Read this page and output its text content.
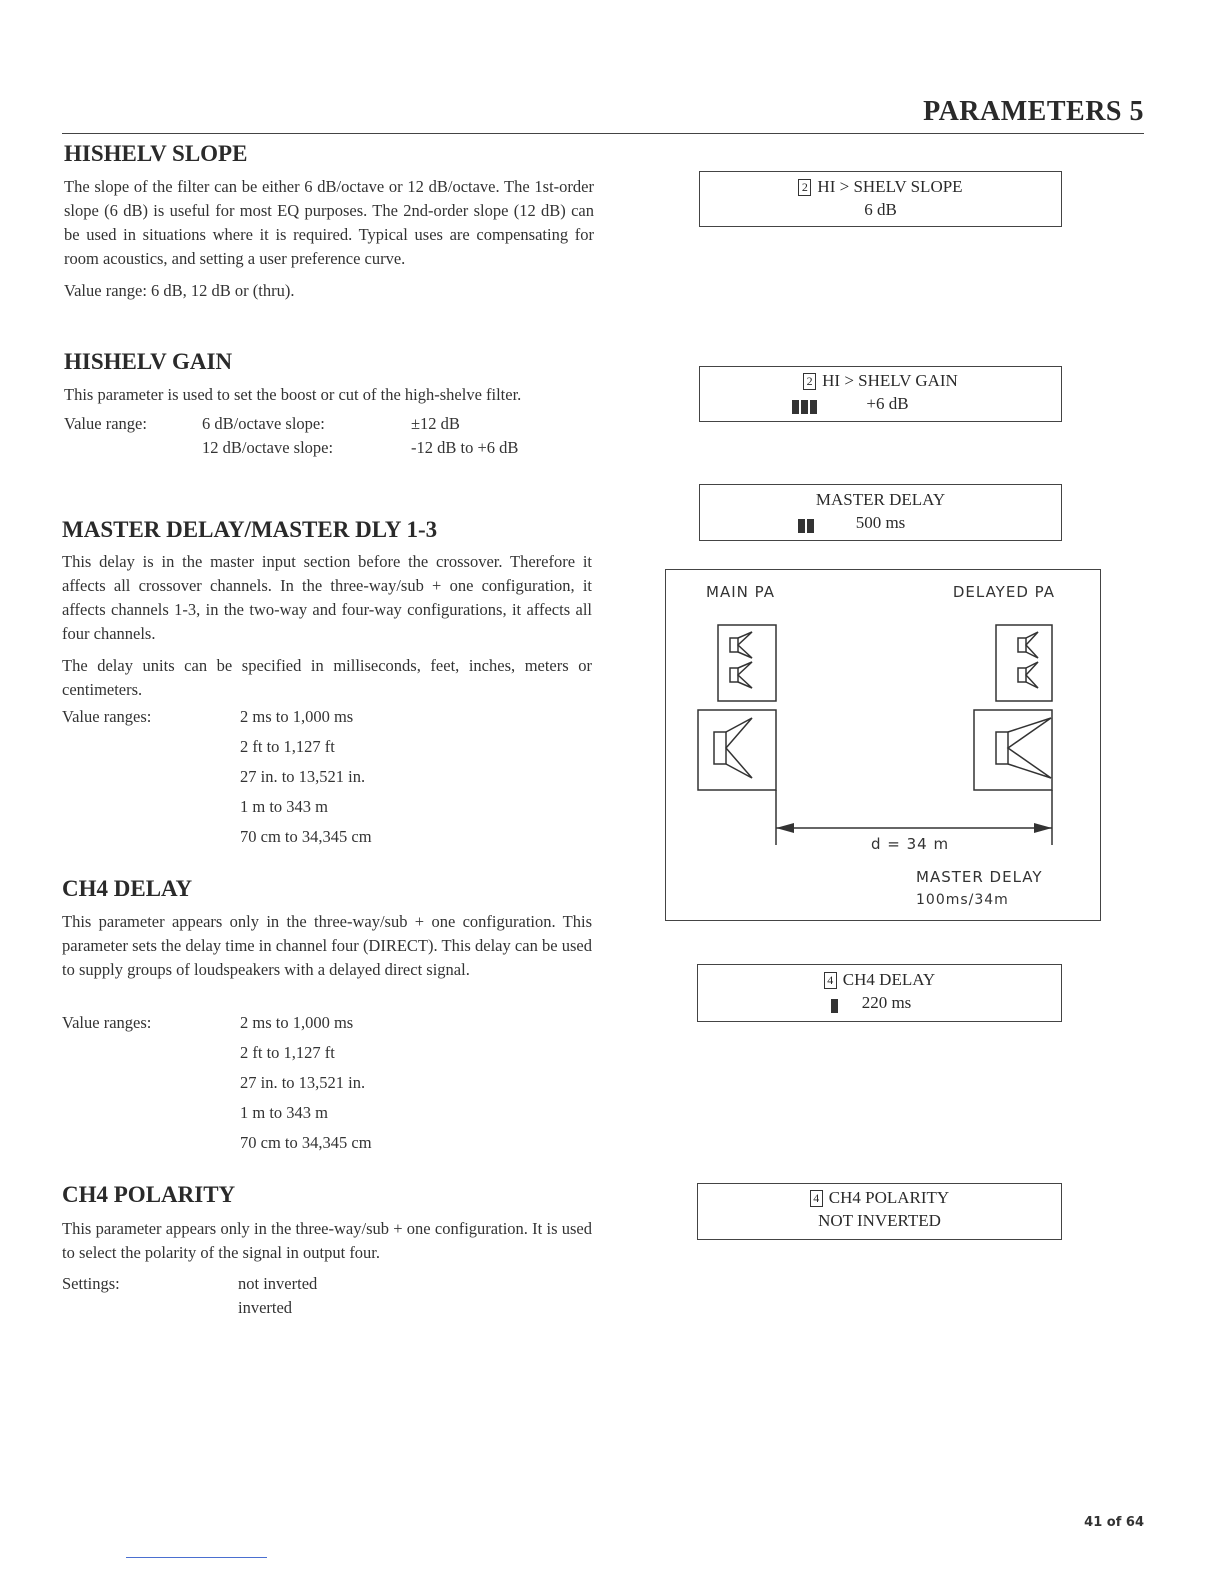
PARAMETERS 5
HISHELV SLOPE

The slope of the filter can be either 6 dB/octave or 12 dB/octave. The 1st-order slope (6 dB) is useful for most EQ purposes. The 2nd-order slope (12 dB) can be used in situations where it is required. Typical uses are compensating for room acoustics, and setting a user preference curve.

Value range: 6 dB, 12 dB or (thru).

HISHELV GAIN
This parameter is used to set the boost or cut of the high-shelve filter.
Value range:	6 dB/octave slope:	±12 dB
12 dB/octave slope:	-12 dB to +6 dB
MASTER DELAY/MASTER DLY 1-3

This delay is in the master input section before the crossover. Therefore it affects all crossover channels. In the three-way/sub + one configuration, it affects channels 1-3, in the two-way and four-way configurations, it affects all four channels.

The delay units can be specified in milliseconds, feet, inches, meters or centimeters.

Value ranges:	2 ms to 1,000 ms
2 ft to 1,127 ft
27 in. to 13,521 in.
1 m to 343 m
70 cm to 34,345 cm
CH4 DELAY
This parameter appears only in the three-way/sub + one configuration. This parameter sets the delay time in channel four (DIRECT). This delay can be used to supply groups of loudspeakers with a delayed direct signal.
Value ranges:	2 ms to 1,000 ms
2 ft to 1,127 ft
27 in. to 13,521 in.
1 m to 343 m
70 cm to 34,345 cm
CH4 POLARITY
This parameter appears only in the three-way/sub + one configuration. It is used to select the polarity of the signal in output four.
Settings:	not inverted
inverted
2 HI > SHELV SLOPE
6 dB
2 HI > SHELV GAIN
+6 dB
MASTER DELAY
500 ms
MAIN PA	DELAYED PA
d = 34 m
MASTER DELAY
100ms/34m
4 CH4 DELAY
220 ms
4 CH4 POLARITY
NOT INVERTED
41 of 64
